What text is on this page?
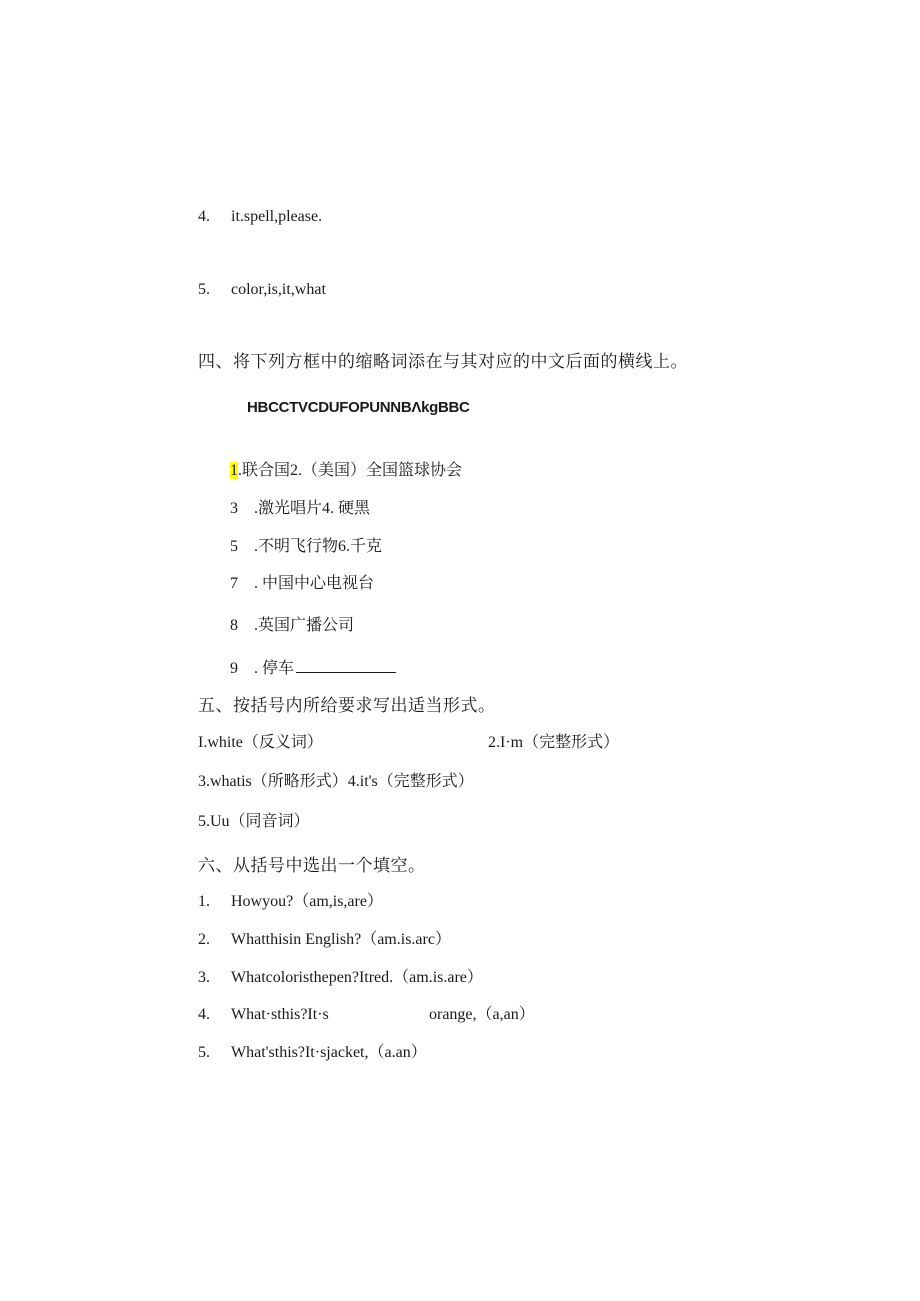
4. it.spell,please.
5. color,is,it,what
四、将下列方框中的缩略词添在与其对应的中文后面的横线上。
HBCCTVCDUFOPUNNBΛkgBBC
1.联合国2.（美国）全国篮球协会
3　.激光唱片4. 硬黑
5　.不明飞行物6.千克
7　. 中国中心电视台
8　.英国广播公司
9　. 停车
五、按括号内所给要求写出适当形式。
I.white（反义词）	2.I·m（完整形式）
3.whatis（所略形式）4.it's（完整形式）
5.Uu（同音词）
六、从括号中选出一个填空。
1. Howyou?（am,is,are）
2. Whatthisin English?（am.is.arc）
3. Whatcoloristhepen?Itred.（am.is.are）
4. What·sthis?It·s	orange,（a,an）
5. What'sthis?It·sjacket,（a.an）
